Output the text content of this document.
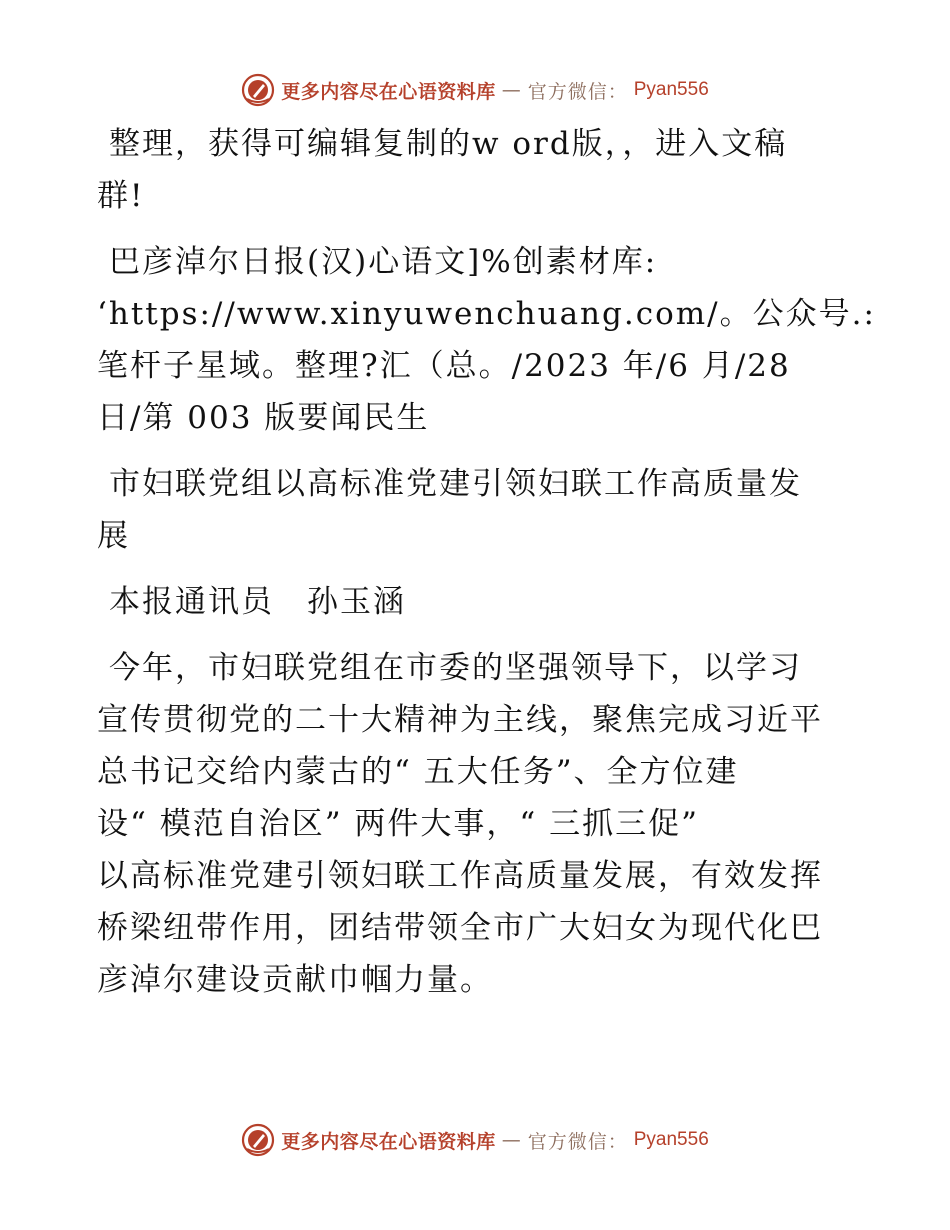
更多内容尽在心语资料库 — 官方微信： Pyan556
整理，获得可编辑复制的w ord版，，进入文稿
群!
巴彦淖尔日报(汉)心语文]%创素材库:
‘https://www.xinyuwenchuang.com/。公众号.:
笔杆子星域。整理?汇（总。/2023 年/6 月/28
日/第 003 版要闻民生
市妇联党组以高标准党建引领妇联工作高质量发
展
本报通讯员　孙玉涵
今年，市妇联党组在市委的坚强领导下，以学习
宣传贯彻党的二十大精神为主线，聚焦完成习近平
总书记交给内蒙古的“ 五大任务”、全方位建
设“ 模范自治区” 两件大事，“ 三抓三促”
以高标准党建引领妇联工作高质量发展，有效发挥
桥梁纽带作用，团结带领全市广大妇女为现代化巴
彦淖尔建设贡献巾帼力量。
更多内容尽在心语资料库 — 官方微信： Pyan556
